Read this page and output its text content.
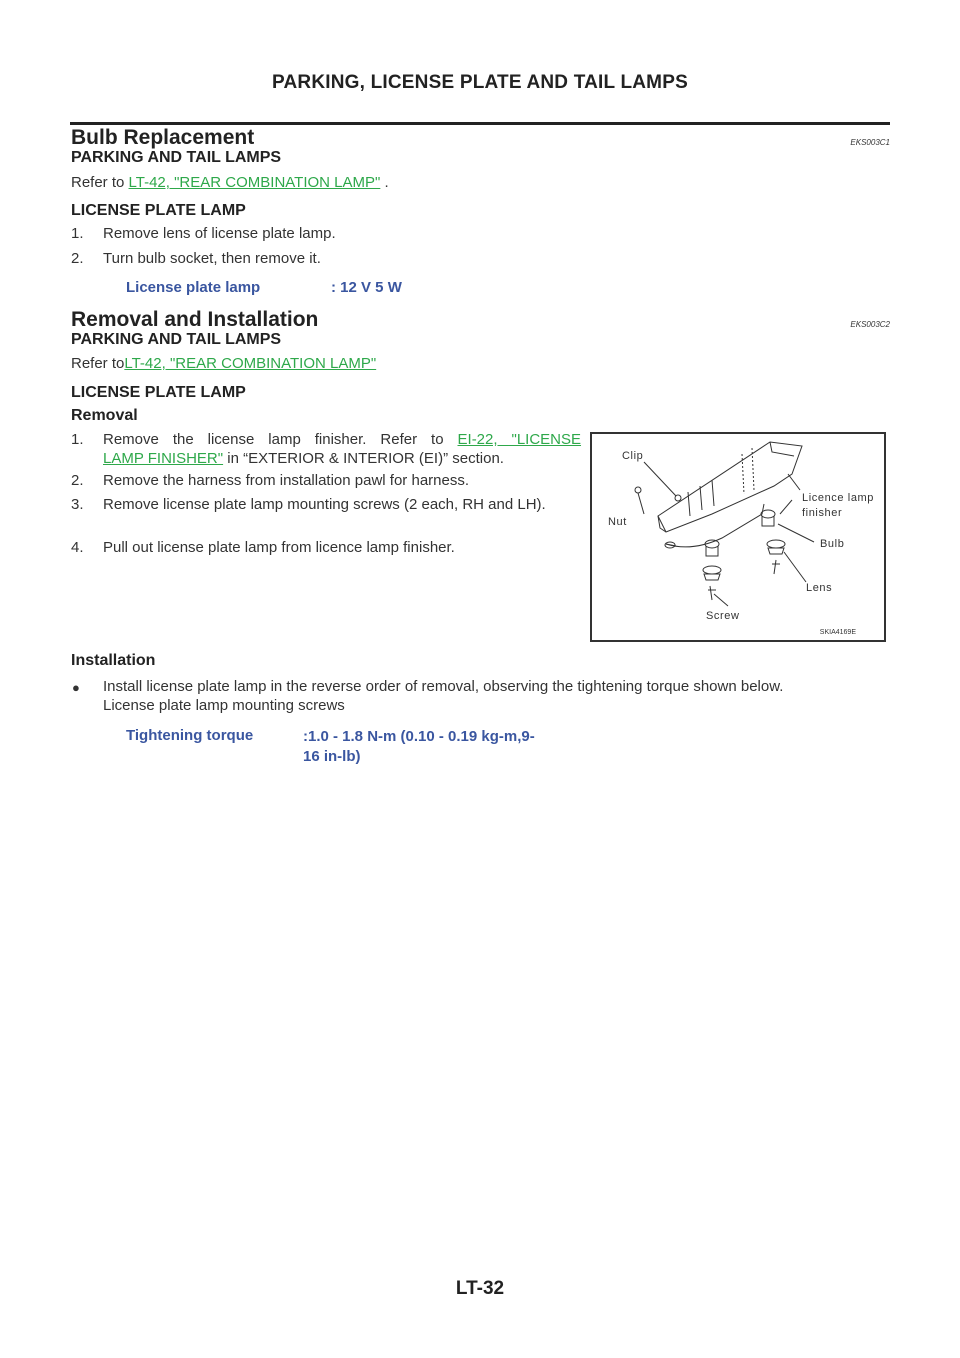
PARKING, LICENSE PLATE AND TAIL LAMPS
Bulb Replacement	EKS003C1
PARKING AND TAIL LAMPS
Refer to LT-42, "REAR COMBINATION LAMP" .
LICENSE PLATE LAMP
1. Remove lens of license plate lamp.
2. Turn bulb socket, then remove it.
License plate lamp	: 12 V 5 W
Removal and Installation	EKS003C2
PARKING AND TAIL LAMPS
Refer toLT-42, "REAR COMBINATION LAMP"
LICENSE PLATE LAMP
Removal
1. Remove the license lamp finisher. Refer to EI-22, "LICENSE
LAMP FINISHER" in “EXTERIOR & INTERIOR (EI)” section.
2. Remove the harness from installation pawl for harness.
3. Remove license plate lamp mounting screws (2 each, RH and LH).
4. Pull out license plate lamp from licence lamp finisher.
Clip
Nut
Licence lamp
finisher
Bulb
Lens
Screw
SKIA4169E
Installation
● Install license plate lamp in the reverse order of removal, observing the tightening torque shown below.
License plate lamp mounting screws
Tightening torque	:1.0 - 1.8 N-m (0.10 - 0.19 kg-m,9-
16 in-lb)
LT-32
